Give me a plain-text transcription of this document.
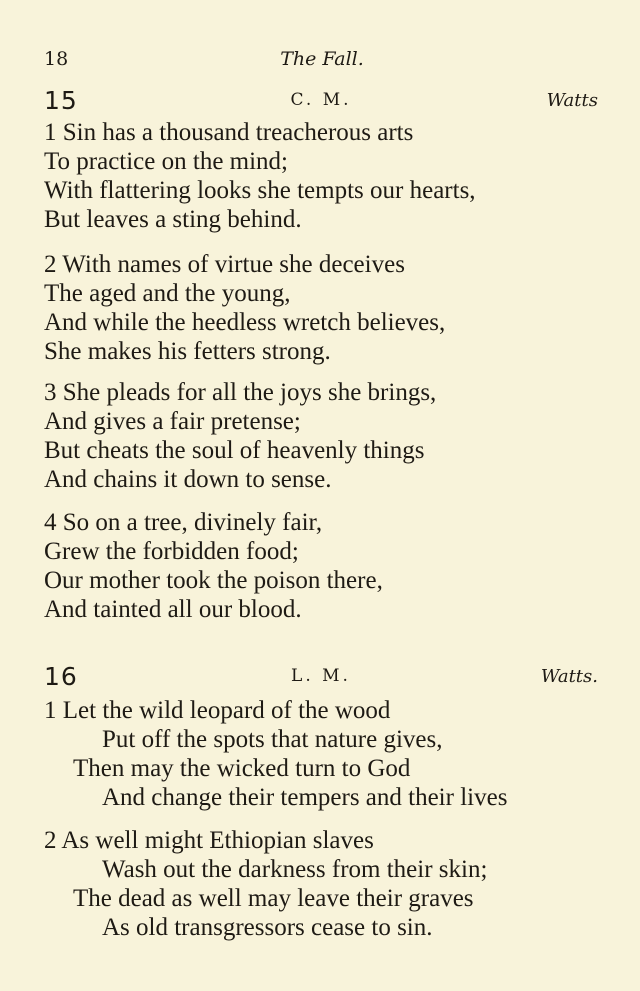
18	The Fall.
15	C. M.	Watts
1 Sin has a thousand treacherous arts
To practice on the mind;
With flattering looks she tempts our hearts,
But leaves a sting behind.
2 With names of virtue she deceives
The aged and the young,
And while the heedless wretch believes,
She makes his fetters strong.
3 She pleads for all the joys she brings,
And gives a fair pretense;
But cheats the soul of heavenly things
And chains it down to sense.
4 So on a tree, divinely fair,
Grew the forbidden food;
Our mother took the poison there,
And tainted all our blood.
16	L. M.	Watts.
1 Let the wild leopard of the wood
Put off the spots that nature gives,
Then may the wicked turn to God
And change their tempers and their lives
2 As well might Ethiopian slaves
Wash out the darkness from their skin;
The dead as well may leave their graves
As old transgressors cease to sin.
